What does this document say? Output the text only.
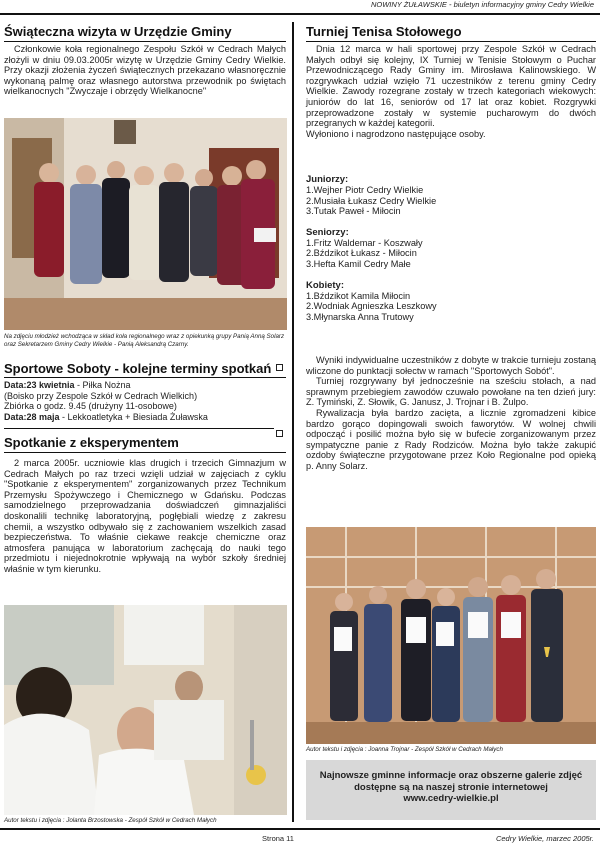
NOWINY ŻUŁAWSKIE - biuletyn informacyjny gminy Cedry Wielkie
Świąteczna wizyta w Urzędzie Gminy

Członkowie koła regionalnego Zespołu Szkół w Cedrach Małych złożyli w dniu 09.03.2005r wizytę w Urzędzie Gminy Cedry Wielkie. Przy okazji złożenia życzeń świątecznych przekazano własnoręcznie wykonaną palmę oraz własnego autorstwa przewodnik po świętach wielkanocnych "Zwyczaje i obrzędy Wielkanocne"

Na zdjęciu młodzież wchodząca w skład koła regionalnego wraz z opiekunką grupy Panią Anną Solarz oraz Sekretarzem Gminy Cedry Wielkie - Panią Aleksandrą Czarny.
Sportowe Soboty - kolejne terminy spotkań
Data:23 kwietnia - Piłka Nożna
(Boisko przy Zespole Szkół w Cedrach Wielkich)
Zbiórka o godz. 9.45 (drużyny 11-osobowe)
Data:28 maja - Lekkoatletyka + Biesiada Żuławska
Spotkanie z eksperymentem

2 marca 2005r. uczniowie klas drugich i trzecich Gimnazjum w Cedrach Małych po raz trzeci wzięli udział w zajęciach z cyklu "Spotkanie z eksperymentem" zorganizowanych przez Technikum Przemysłu Spożywczego i Chemicznego w Gdańsku. Podczas samodzielnego przeprowadzania doświadczeń gimnazjaliści doskonalili technikę laboratoryjną, pogłębiali wiedzę z zakresu chemii, a wszystko odbywało się z zachowaniem wszelkich zasad bezpieczeństwa. To właśnie ciekawe reakcje chemiczne oraz atmosfera panująca w laboratorium zachęcają do nauki tego przedmiotu i niejednokrotnie wpływają na wybór szkoły średniej właśnie w tym kierunku.

Autor tekstu i zdjęcia : Jolanta Brzostowska - Zespół Szkół w Cedrach Małych
Turniej Tenisa Stołowego

Dnia 12 marca w hali sportowej przy Zespole Szkół w Cedrach Małych odbył się kolejny, IX Turniej w Tenisie Stołowym o Puchar Przewodniczącego Rady Gminy im. Mirosława Kalinowskiego. W rozgrywkach udział wzięło 71 uczestników z terenu gminy Cedry Wielkie. Zawody rozegrane zostały w trzech kategoriach wiekowych: juniorów do lat 16, seniorów od 17 lat oraz kobiet. Rozgrywki przeprowadzone zostały w systemie pucharowym do dwóch przegranych w każdej kategorii.

Wyłoniono i nagrodzono następujące osoby.
Juniorzy:
1.Wejher Piotr Cedry Wielkie
2.Musiała Łukasz Cedry Wielkie
3.Tutak Paweł - Miłocin
Seniorzy:
1.Fritz Waldemar - Koszwały
2.Bździkot Łukasz - Miłocin
3.Hefta Kamil Cedry Małe
Kobiety:
1.Bździkot Kamila Miłocin
2.Wodniak Agnieszka Leszkowy
3.Młynarska Anna Trutowy

Wyniki indywidualne uczestników z dobyte w trakcie turnieju zostaną wliczone do punktacji sołectw w ramach "Sportowych Sobót".

Turniej rozgrywany był jednocześnie na sześciu stołach, a nad sprawnym przebiegiem zawodów czuwało powołane na ten dzień jury: Z. Tymiński, Z. Słowik, G. Janusz, J. Trojnar i B. Żulpo.

Rywalizacja była bardzo zacięta, a licznie zgromadzeni kibice bardzo gorąco dopingowali swoich faworytów. W wolnej chwili odpocząć i posilić można było się w bufecie zorganizowanym przez sympatyczne panie z Rady Rodziców. Można było także zakupić ozdoby świąteczne przygotowane przez Koło Regionalne pod opieką p. Anny Solarz.

Autor tekstu i zdjęcia : Joanna Trojnar - Zespół Szkół w Cedrach Małych
Najnowsze gminne informacje oraz obszerne galerie zdjęć
dostępne są na naszej stronie internetowej
www.cedry-wielkie.pl
Strona 11	Cedry Wielkie, marzec 2005r.
